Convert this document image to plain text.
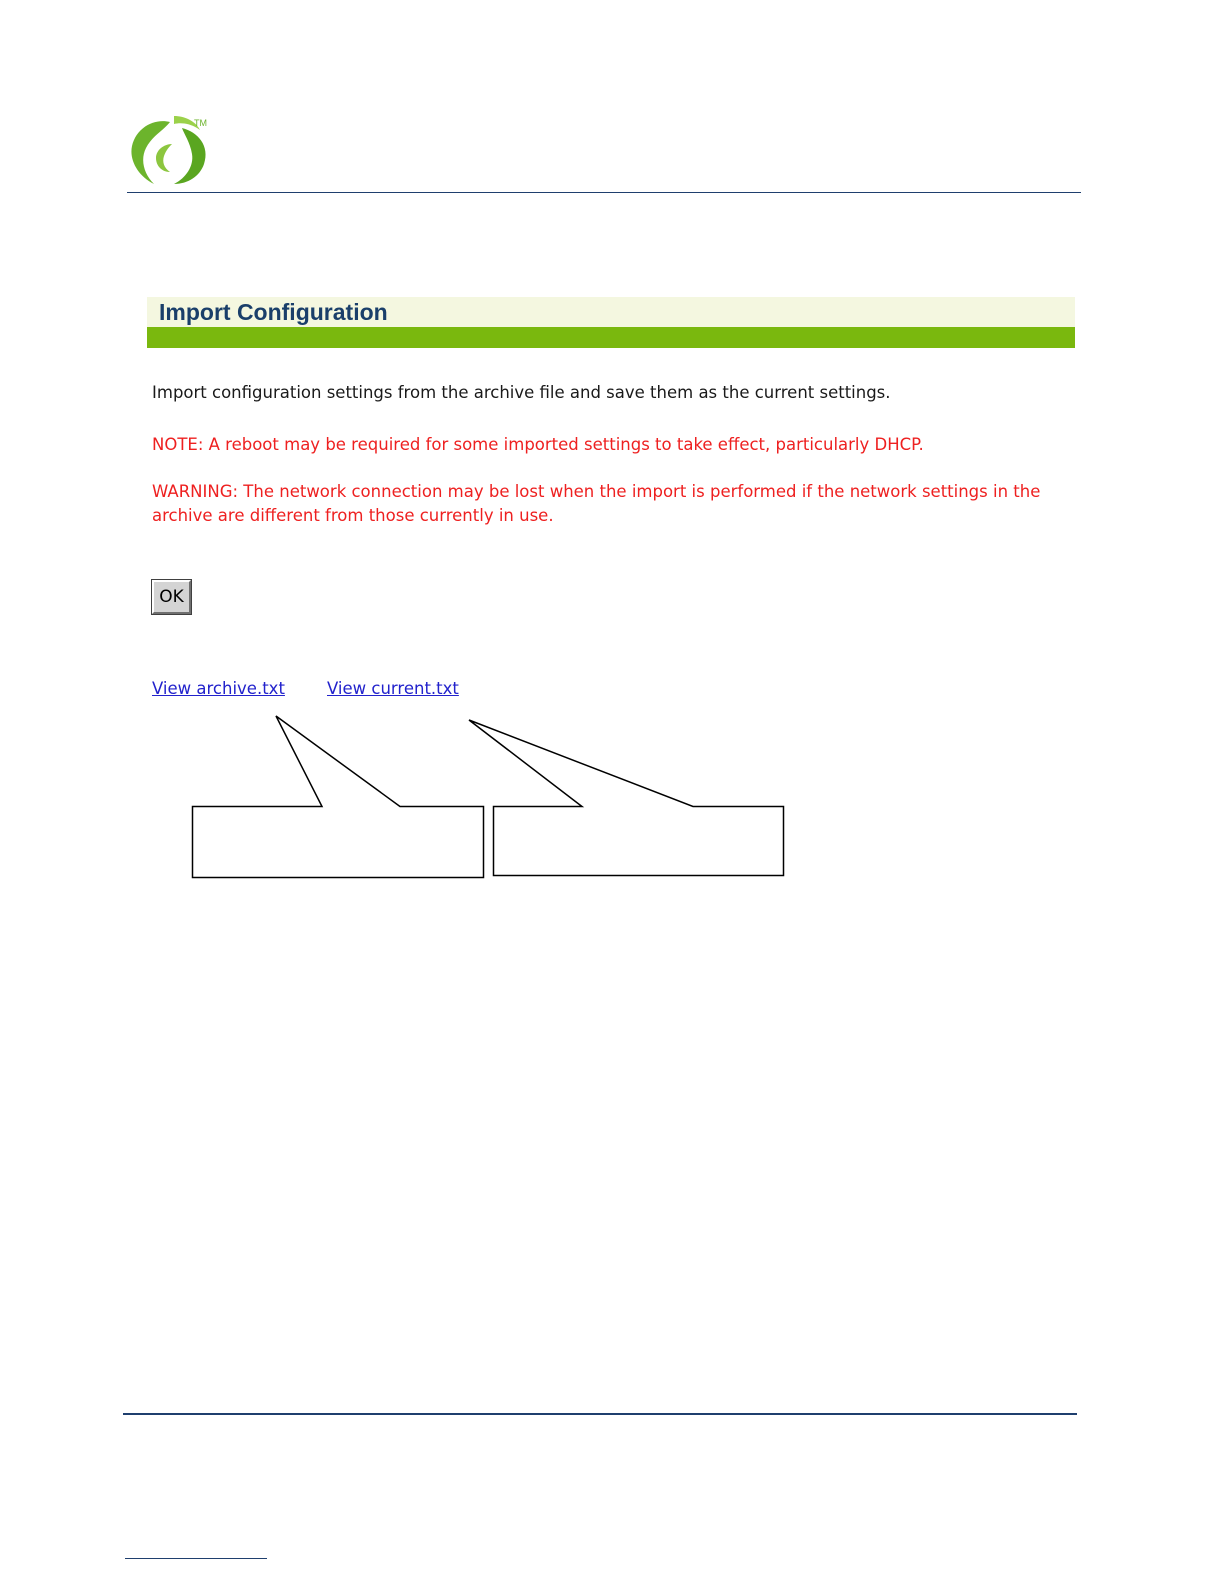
TM
Import Configuration

Import configuration settings from the archive file and save them as the current settings.

NOTE: A reboot may be required for some imported settings to take effect, particularly DHCP.

WARNING: The network connection may be lost when the import is performed if the network settings in the archive are different from those currently in use.

OK
View archive.txt	View current.txt
